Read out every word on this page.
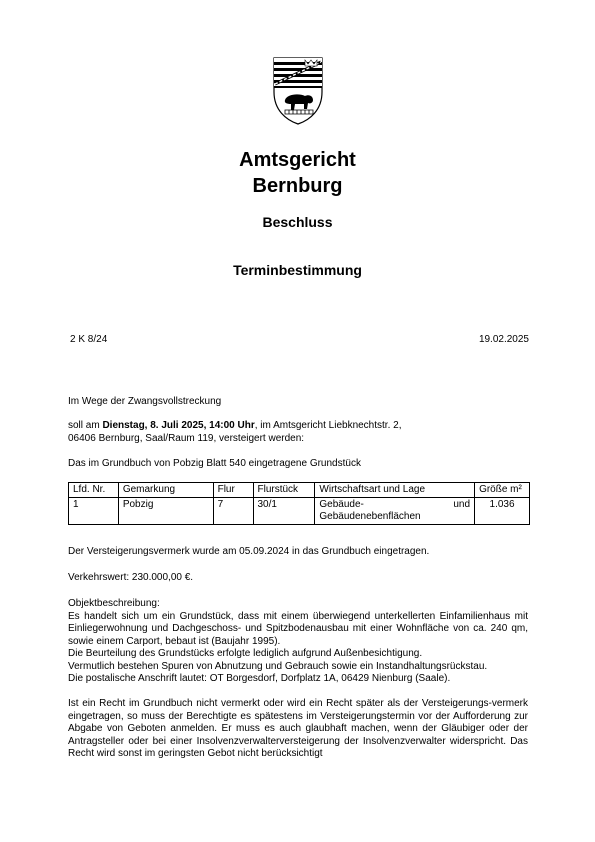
Amtsgericht
Bernburg
Beschluss
Terminbestimmung
2 K 8/24	19.02.2025
Im Wege der Zwangsvollstreckung
soll am Dienstag, 8. Juli 2025, 14:00 Uhr, im Amtsgericht Liebknechtstr. 2,
06406 Bernburg, Saal/Raum 119, versteigert werden:
Das im Grundbuch von Pobzig Blatt 540 eingetragene Grundstück
Lfd. Nr.	Gemarkung	Flur	Flurstück	Wirtschaftsart und Lage	Größe m²
1	Pobzig	7	30/1	Gebäude- und
Gebäudenebenflächen	1.036
Der Versteigerungsvermerk wurde am 05.09.2024 in das Grundbuch eingetragen.
Verkehrswert: 230.000,00 €.
Objektbeschreibung:
Es handelt sich um ein Grundstück, dass mit einem überwiegend unterkellerten Einfamilienhaus mit Einliegerwohnung und Dachgeschoss- und Spitzbodenausbau mit einer Wohnfläche von ca. 240 qm, sowie einem Carport, bebaut ist (Baujahr 1995).
Die Beurteilung des Grundstücks erfolgte lediglich aufgrund Außenbesichtigung.
Vermutlich bestehen Spuren von Abnutzung und Gebrauch sowie ein Instandhaltungsrückstau.
Die postalische Anschrift lautet: OT Borgesdorf, Dorfplatz 1A, 06429 Nienburg (Saale).
Ist ein Recht im Grundbuch nicht vermerkt oder wird ein Recht später als der Versteigerungs-vermerk eingetragen, so muss der Berechtigte es spätestens im Versteigerungstermin vor der Aufforderung zur Abgabe von Geboten anmelden. Er muss es auch glaubhaft machen, wenn der Gläubiger oder der Antragsteller oder bei einer Insolvenzverwalterversteigerung der Insolvenzverwalter widerspricht. Das Recht wird sonst im geringsten Gebot nicht berücksichtigt
